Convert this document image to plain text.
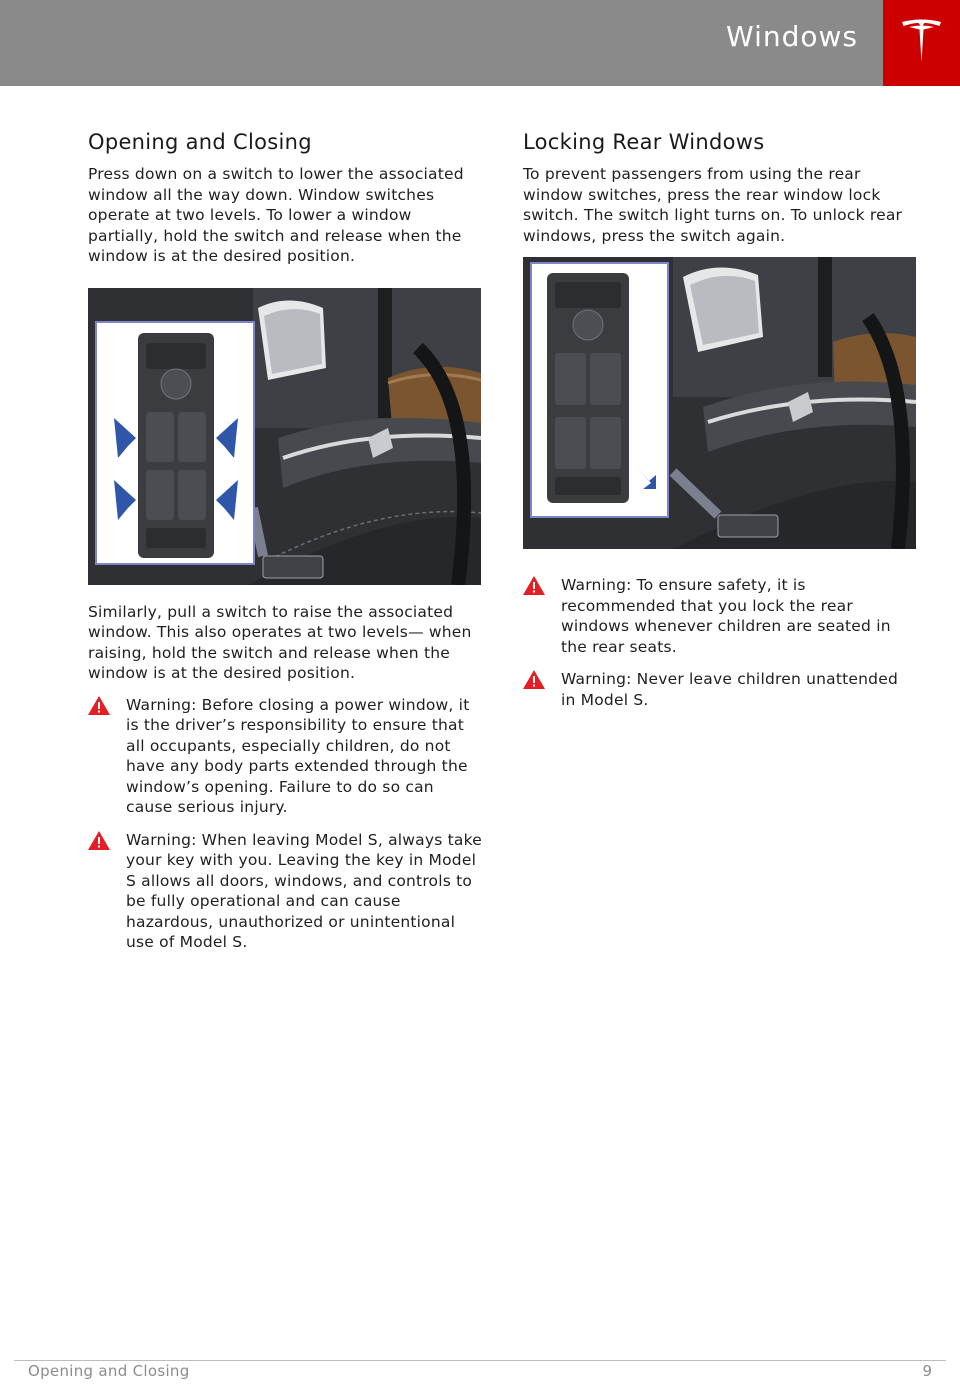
Windows
Opening and Closing

Press down on a switch to lower the associated window all the way down. Window switches operate at two levels. To lower a window partially, hold the switch and release when the window is at the desired position.

Similarly, pull a switch to raise the associated window. This also operates at two levels— when raising, hold the switch and release when the window is at the desired position.

Warning: Before closing a power window, it is the driver’s responsibility to ensure that all occupants, especially children, do not have any body parts extended through the window’s opening. Failure to do so can cause serious injury.
Warning: When leaving Model S, always take your key with you. Leaving the key in Model S allows all doors, windows, and controls to be fully operational and can cause hazardous, unauthorized or unintentional use of Model S.
Locking Rear Windows

To prevent passengers from using the rear window switches, press the rear window lock switch. The switch light turns on. To unlock rear windows, press the switch again.

Warning: To ensure safety, it is recommended that you lock the rear windows whenever children are seated in the rear seats.
Warning: Never leave children unattended in Model S.
Opening and Closing	9
